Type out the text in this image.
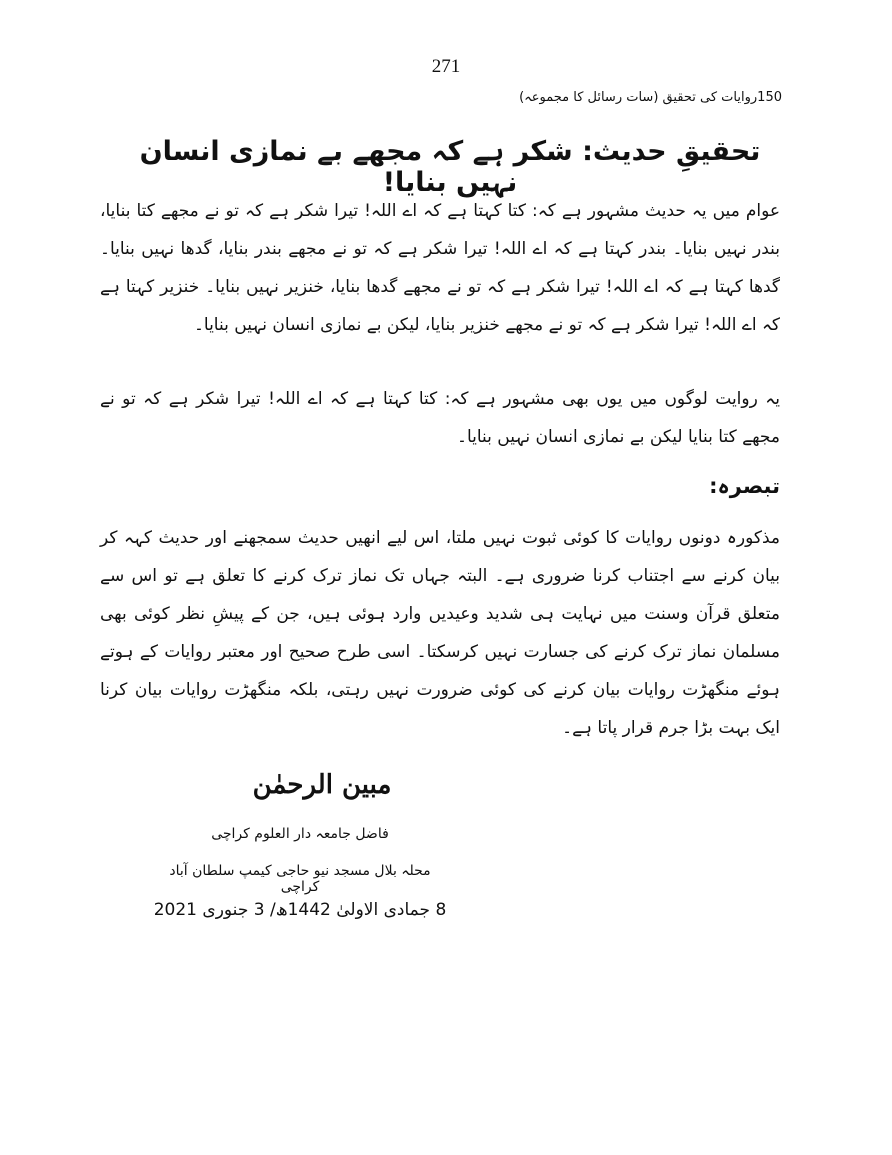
271
150روایات کی تحقیق (سات رسائل کا مجموعہ)
تحقیقِ حدیث: شکر ہے کہ مجھے بے نمازی انسان نہیں بنایا!
عوام میں یہ حدیث مشہور ہے کہ: کتا کہتا ہے کہ اے اللہ! تیرا شکر ہے کہ تو نے مجھے کتا بنایا، بندر نہیں بنایا۔ بندر کہتا ہے کہ اے اللہ! تیرا شکر ہے کہ تو نے مجھے بندر بنایا، گدھا نہیں بنایا۔ گدھا کہتا ہے کہ اے اللہ! تیرا شکر ہے کہ تو نے مجھے گدھا بنایا، خنزیر نہیں بنایا۔ خنزیر کہتا ہے کہ اے اللہ! تیرا شکر ہے کہ تو نے مجھے خنزیر بنایا، لیکن بے نمازی انسان نہیں بنایا۔
یہ روایت لوگوں میں یوں بھی مشہور ہے کہ: کتا کہتا ہے کہ اے اللہ! تیرا شکر ہے کہ تو نے مجھے کتا بنایا لیکن بے نمازی انسان نہیں بنایا۔
تبصرہ:
مذکورہ دونوں روایات کا کوئی ثبوت نہیں ملتا، اس لیے انھیں حدیث سمجھنے اور حدیث کہہ کر بیان کرنے سے اجتناب کرنا ضروری ہے۔ البتہ جہاں تک نماز ترک کرنے کا تعلق ہے تو اس سے متعلق قرآن وسنت میں نہایت ہی شدید وعیدیں وارد ہوئی ہیں، جن کے پیشِ نظر کوئی بھی مسلمان نماز ترک کرنے کی جسارت نہیں کرسکتا۔ اسی طرح صحیح اور معتبر روایات کے ہوتے ہوئے منگھڑت روایات بیان کرنے کی کوئی ضرورت نہیں رہتی، بلکہ منگھڑت روایات بیان کرنا ایک بہت بڑا جرم قرار پاتا ہے۔
مبین الرحمٰن
فاضل جامعہ دار العلوم کراچی
محلہ بلال مسجد نیو حاجی کیمپ سلطان آباد کراچی
8 جمادی الاولیٰ 1442ھ/ 3 جنوری 2021
